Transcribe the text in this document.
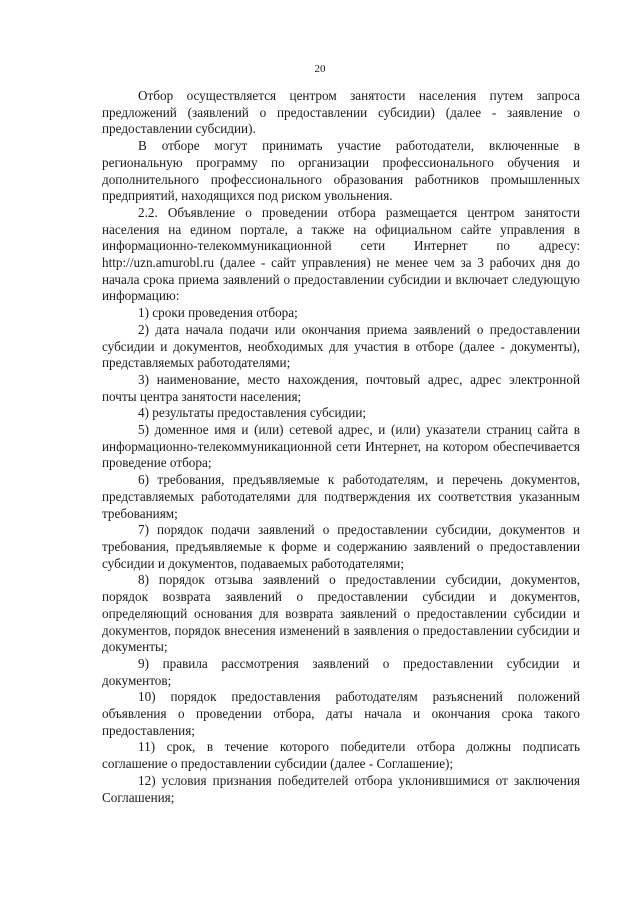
20

Отбор осуществляется центром занятости населения путем запроса предложений (заявлений о предоставлении субсидии) (далее - заявление о предоставлении субсидии).

В отборе могут принимать участие работодатели, включенные в региональную программу по организации профессионального обучения и дополнительного профессионального образования работников промышленных предприятий, находящихся под риском увольнения.

2.2. Объявление о проведении отбора размещается центром занятости населения на едином портале, а также на официальном сайте управления в информационно-телекоммуникационной сети Интернет по адресу: http://uzn.amurobl.ru (далее - сайт управления) не менее чем за 3 рабочих дня до начала срока приема заявлений о предоставлении субсидии и включает следующую информацию:

1) сроки проведения отбора;

2) дата начала подачи или окончания приема заявлений о предоставлении субсидии и документов, необходимых для участия в отборе (далее - документы), представляемых работодателями;

3) наименование, место нахождения, почтовый адрес, адрес электронной почты центра занятости населения;

4) результаты предоставления субсидии;

5) доменное имя и (или) сетевой адрес, и (или) указатели страниц сайта в информационно-телекоммуникационной сети Интернет, на котором обеспечивается проведение отбора;

6) требования, предъявляемые к работодателям, и перечень документов, представляемых работодателями для подтверждения их соответствия указанным требованиям;

7) порядок подачи заявлений о предоставлении субсидии, документов и требования, предъявляемые к форме и содержанию заявлений о предоставлении субсидии и документов, подаваемых работодателями;

8) порядок отзыва заявлений о предоставлении субсидии, документов, порядок возврата заявлений о предоставлении субсидии и документов, определяющий основания для возврата заявлений о предоставлении субсидии и документов, порядок внесения изменений в заявления о предоставлении субсидии и документы;

9) правила рассмотрения заявлений о предоставлении субсидии и документов;

10) порядок предоставления работодателям разъяснений положений объявления о проведении отбора, даты начала и окончания срока такого предоставления;

11) срок, в течение которого победители отбора должны подписать соглашение о предоставлении субсидии (далее - Соглашение);

12) условия признания победителей отбора уклонившимися от заключения Соглашения;
